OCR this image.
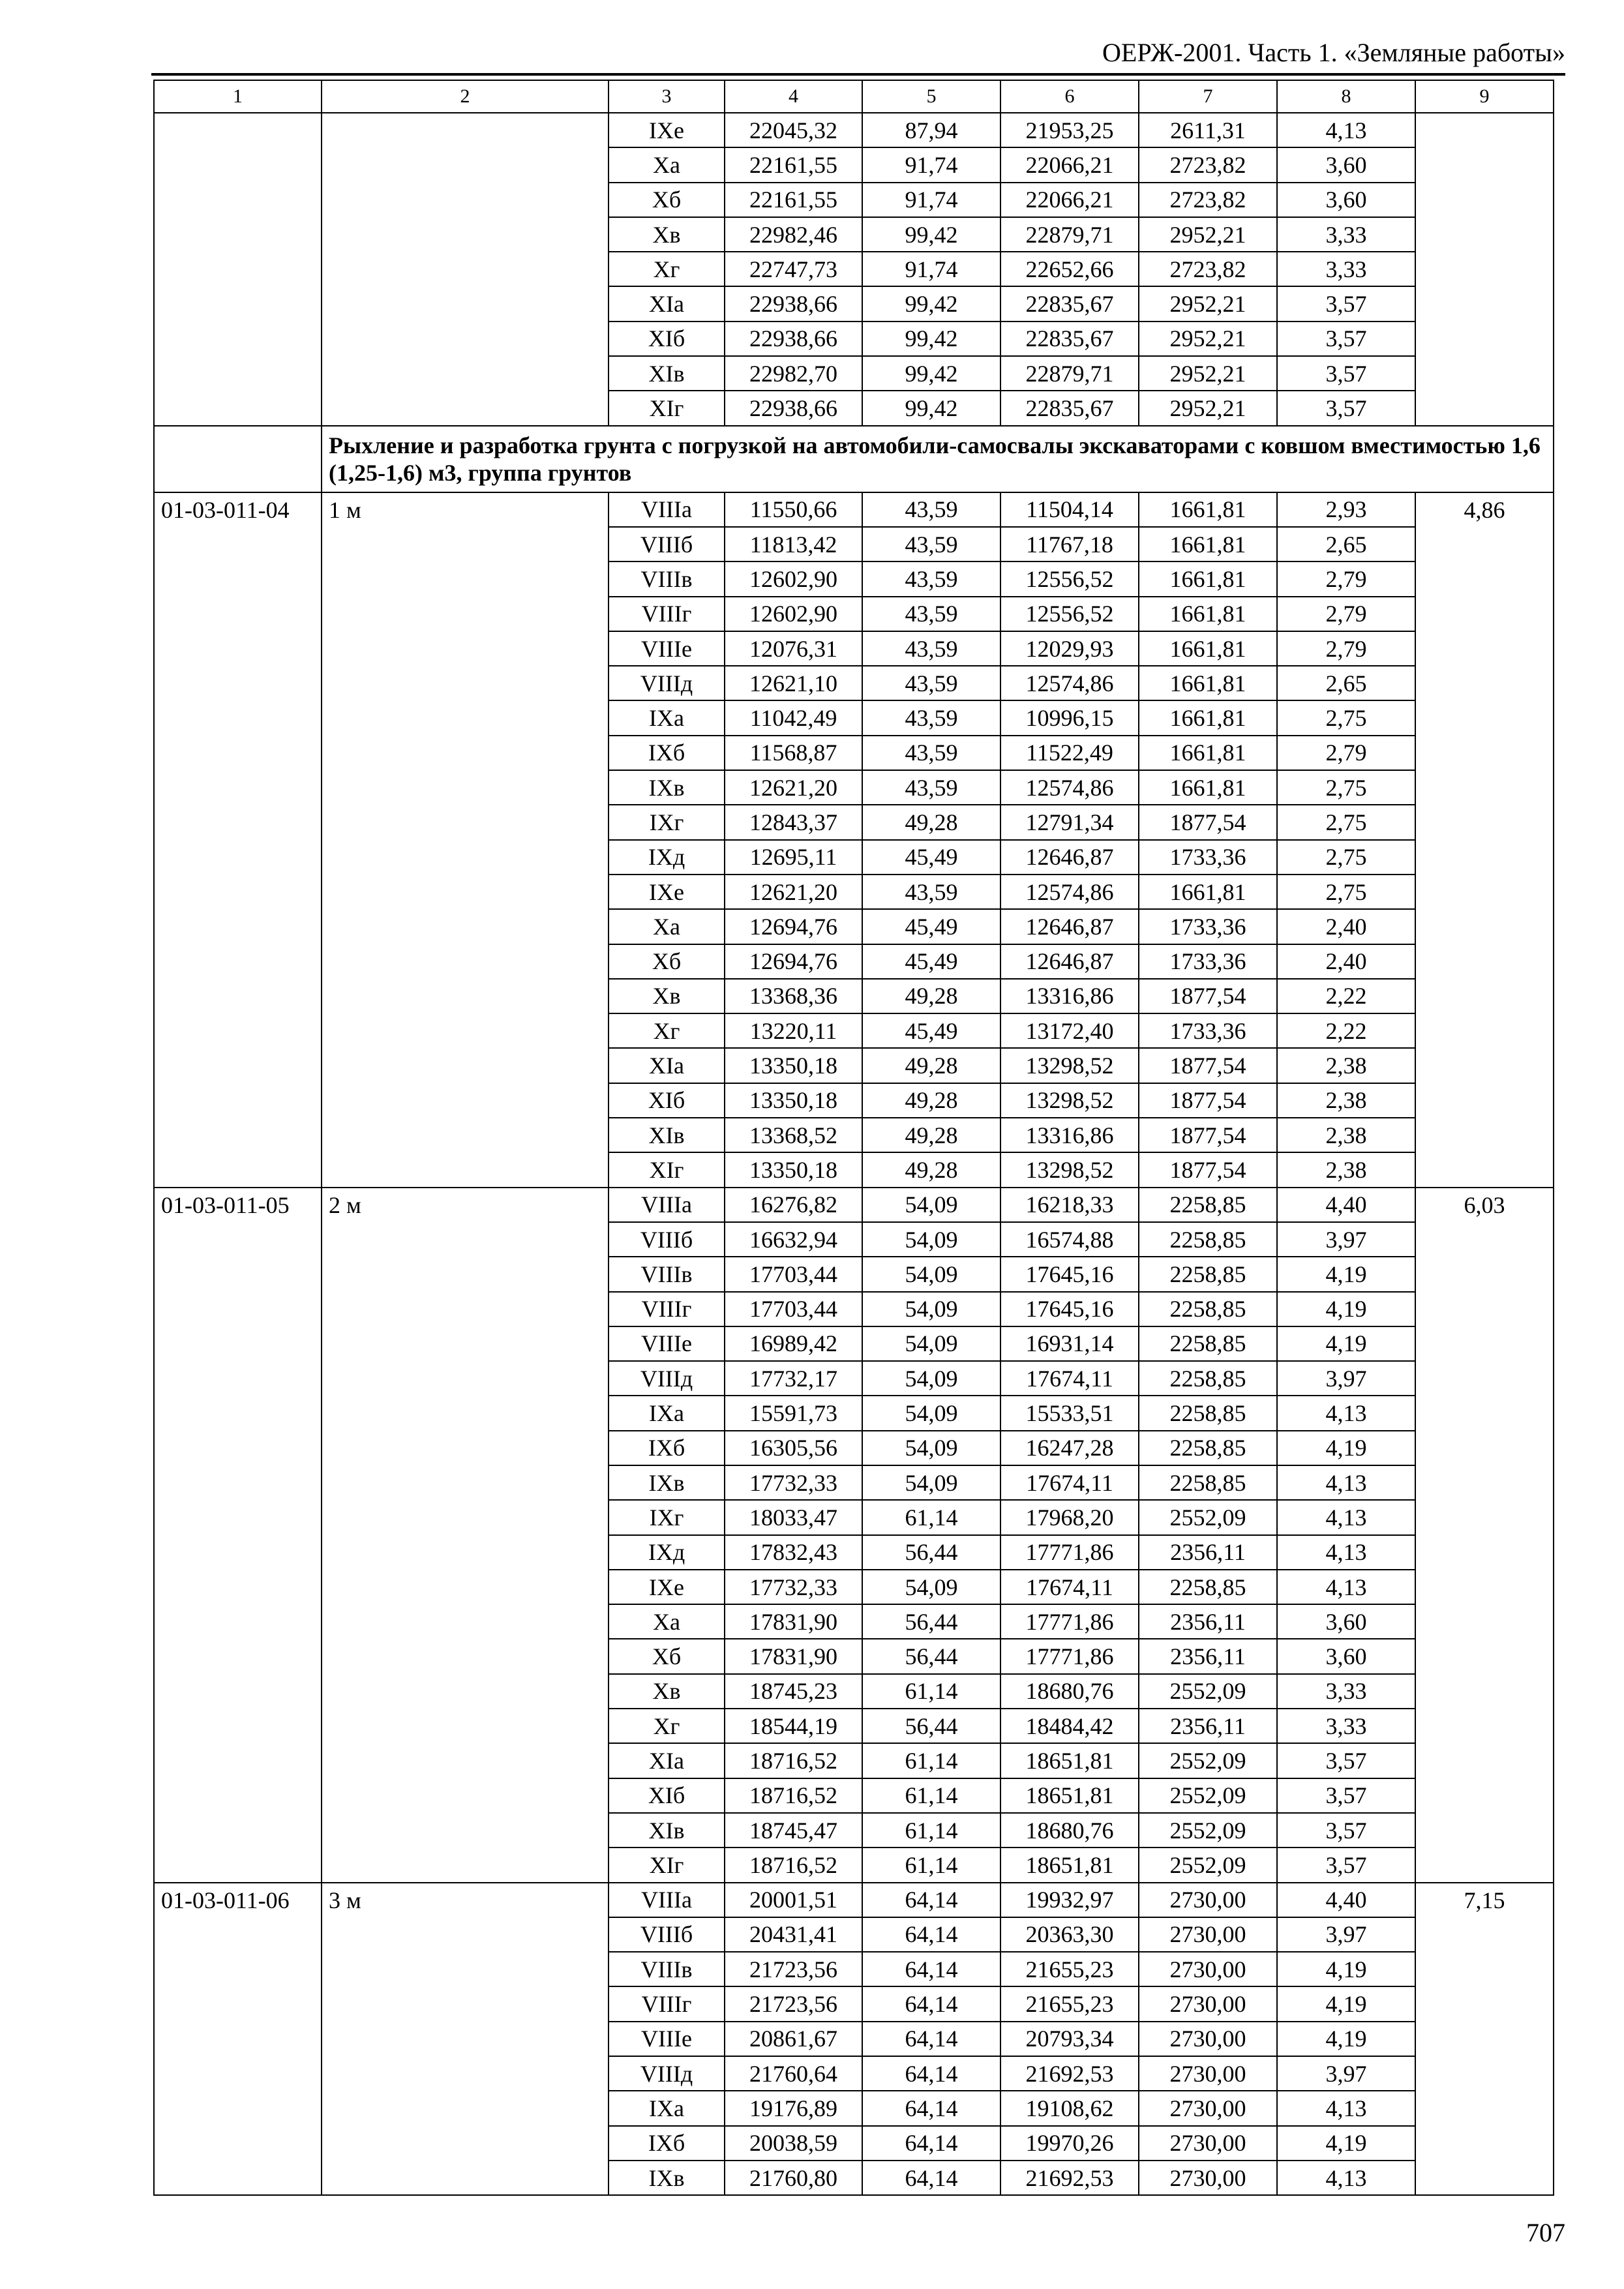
ОЕРЖ-2001. Часть 1. «Земляные работы»
1	2	3	4	5	6	7	8	9
		IXе	22045,32	87,94	21953,25	2611,31	4,13	
		Xа	22161,55	91,74	22066,21	2723,82	3,60	
		Xб	22161,55	91,74	22066,21	2723,82	3,60	
		Xв	22982,46	99,42	22879,71	2952,21	3,33	
		Xг	22747,73	91,74	22652,66	2723,82	3,33	
		XIа	22938,66	99,42	22835,67	2952,21	3,57	
		XIб	22938,66	99,42	22835,67	2952,21	3,57	
		XIв	22982,70	99,42	22879,71	2952,21	3,57	
		XIг	22938,66	99,42	22835,67	2952,21	3,57	
	Рыхление и разработка грунта с погрузкой на автомобили-самосвалы экскаваторами с ковшом вместимостью 1,6 (1,25-1,6) м3, группа грунтов							
01-03-011-04	1 м	VIIIа	11550,66	43,59	11504,14	1661,81	2,93	4,86
		VIIIб	11813,42	43,59	11767,18	1661,81	2,65	
		VIIIв	12602,90	43,59	12556,52	1661,81	2,79	
		VIIIг	12602,90	43,59	12556,52	1661,81	2,79	
		VIIIе	12076,31	43,59	12029,93	1661,81	2,79	
		VIIIд	12621,10	43,59	12574,86	1661,81	2,65	
		IXа	11042,49	43,59	10996,15	1661,81	2,75	
		IXб	11568,87	43,59	11522,49	1661,81	2,79	
		IXв	12621,20	43,59	12574,86	1661,81	2,75	
		IXг	12843,37	49,28	12791,34	1877,54	2,75	
		IXд	12695,11	45,49	12646,87	1733,36	2,75	
		IXе	12621,20	43,59	12574,86	1661,81	2,75	
		Xа	12694,76	45,49	12646,87	1733,36	2,40	
		Xб	12694,76	45,49	12646,87	1733,36	2,40	
		Xв	13368,36	49,28	13316,86	1877,54	2,22	
		Xг	13220,11	45,49	13172,40	1733,36	2,22	
		XIа	13350,18	49,28	13298,52	1877,54	2,38	
		XIб	13350,18	49,28	13298,52	1877,54	2,38	
		XIв	13368,52	49,28	13316,86	1877,54	2,38	
		XIг	13350,18	49,28	13298,52	1877,54	2,38	
01-03-011-05	2 м	VIIIа	16276,82	54,09	16218,33	2258,85	4,40	6,03
		VIIIб	16632,94	54,09	16574,88	2258,85	3,97	
		VIIIв	17703,44	54,09	17645,16	2258,85	4,19	
		VIIIг	17703,44	54,09	17645,16	2258,85	4,19	
		VIIIе	16989,42	54,09	16931,14	2258,85	4,19	
		VIIIд	17732,17	54,09	17674,11	2258,85	3,97	
		IXа	15591,73	54,09	15533,51	2258,85	4,13	
		IXб	16305,56	54,09	16247,28	2258,85	4,19	
		IXв	17732,33	54,09	17674,11	2258,85	4,13	
		IXг	18033,47	61,14	17968,20	2552,09	4,13	
		IXд	17832,43	56,44	17771,86	2356,11	4,13	
		IXе	17732,33	54,09	17674,11	2258,85	4,13	
		Xа	17831,90	56,44	17771,86	2356,11	3,60	
		Xб	17831,90	56,44	17771,86	2356,11	3,60	
		Xв	18745,23	61,14	18680,76	2552,09	3,33	
		Xг	18544,19	56,44	18484,42	2356,11	3,33	
		XIа	18716,52	61,14	18651,81	2552,09	3,57	
		XIб	18716,52	61,14	18651,81	2552,09	3,57	
		XIв	18745,47	61,14	18680,76	2552,09	3,57	
		XIг	18716,52	61,14	18651,81	2552,09	3,57	
01-03-011-06	3 м	VIIIа	20001,51	64,14	19932,97	2730,00	4,40	7,15
		VIIIб	20431,41	64,14	20363,30	2730,00	3,97	
		VIIIв	21723,56	64,14	21655,23	2730,00	4,19	
		VIIIг	21723,56	64,14	21655,23	2730,00	4,19	
		VIIIе	20861,67	64,14	20793,34	2730,00	4,19	
		VIIIд	21760,64	64,14	21692,53	2730,00	3,97	
		IXа	19176,89	64,14	19108,62	2730,00	4,13	
		IXб	20038,59	64,14	19970,26	2730,00	4,19	
		IXв	21760,80	64,14	21692,53	2730,00	4,13	
707
